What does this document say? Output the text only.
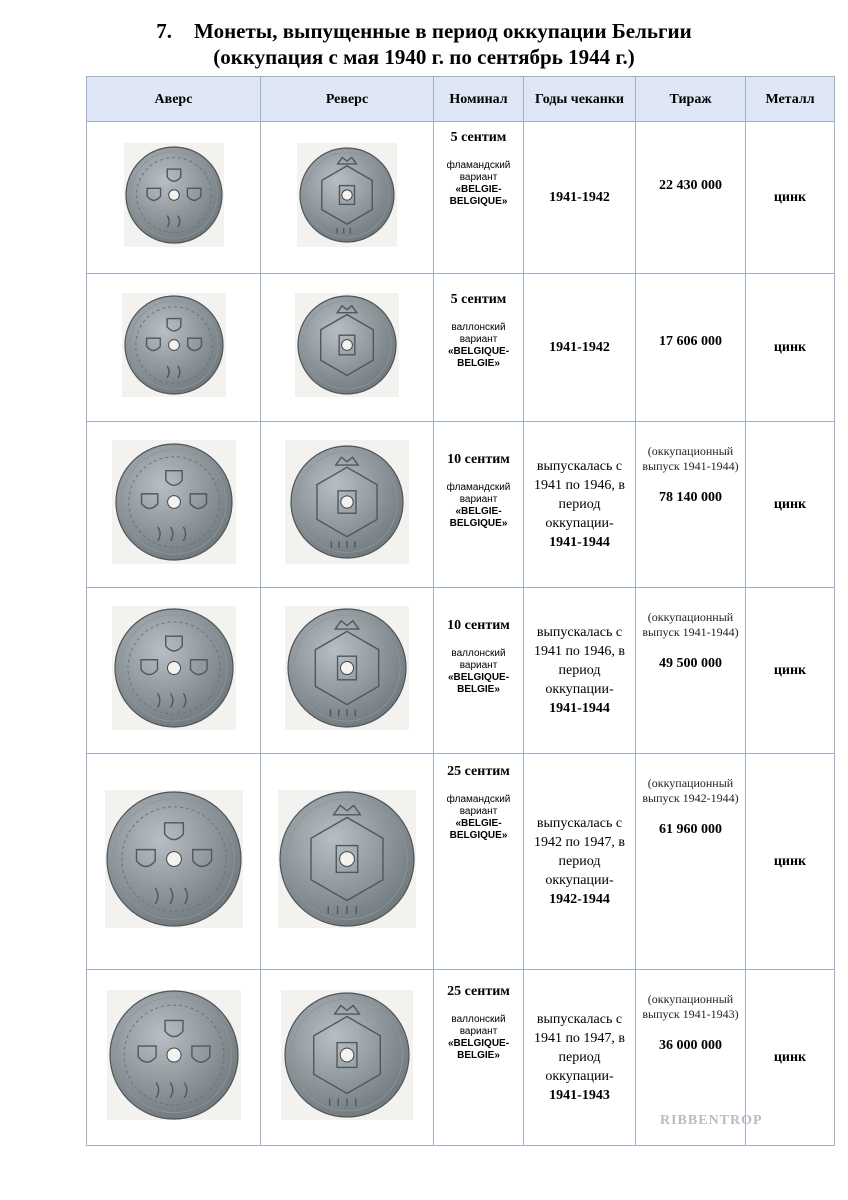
7. Монеты, выпущенные в период оккупации Бельгии
(оккупация с мая 1940 г. по сентябрь 1944 г.)
Аверс	Реверс	Номинал	Годы чеканки	Тираж	Металл

5 сентим
фламандский вариант
«BELGIE-BELGIQUE»	1941-1942	22 430 000	цинк

5 сентим
валлонский вариант
«BELGIQUE-BELGIE»	1941-1942	17 606 000	цинк

10 сентим
фламандский вариант
«BELGIE-BELGIQUE»	выпускалась с 1941 по 1946, в период оккупации-
1941-1944	(оккупационный выпуск 1941-1944)
78 140 000	цинк

10 сентим
валлонский вариант
«BELGIQUE-BELGIE»	выпускалась с 1941 по 1946, в период оккупации-
1941-1944	(оккупационный выпуск 1941-1944)
49 500 000	цинк

25 сентим
фламандский вариант
«BELGIE-BELGIQUE»	выпускалась с 1942 по 1947, в период оккупации-
1942-1944	(оккупационный выпуск 1942-1944)
61 960 000	цинк

25 сентим
валлонский вариант
«BELGIQUE-BELGIE»	выпускалась с 1941 по 1947, в период оккупации-
1941-1943	(оккупационный выпуск 1941-1943)
36 000 000	цинк
RIBBENTROP
